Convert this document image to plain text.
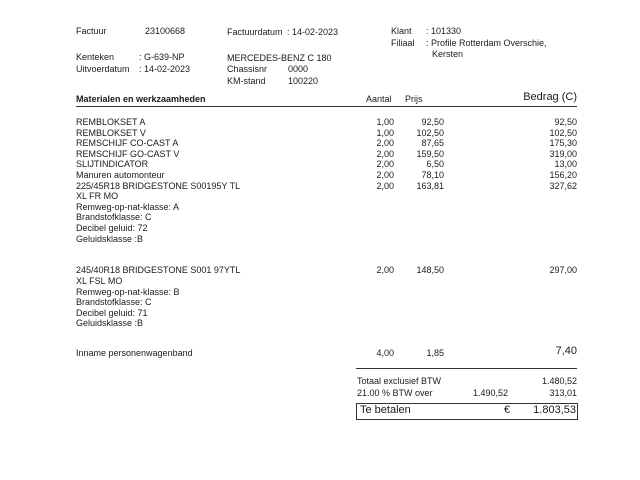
Factuur	23100668	Factuurdatum : 14-02-2023	Klant : 101330
Filiaal : Profile Rotterdam Overschie,
Kersten
Kenteken	: G-639-NP
Uitvoerdatum : 14-02-2023
MERCEDES-BENZ C 180
Chassisnr 0000
KM-stand 100220
Materialen en werkzaamheden	Aantal Prijs	Bedrag (C)
REMBLOKSET A	1,00	92,50	92,50
REMBLOKSET V	1,00	102,50	102,50
REMSCHIJF CO-CAST A	2,00	87,65	175,30
REMSCHIJF GO-CAST V	2,00	159,50	319,00
SLIJTINDICATOR	2,00	6,50	13,00
Manuren automonteur	2,00	78,10	156,20
225/45R18 BRIDGESTONE S00195Y TL	2,00	163,81	327,62
XL FR MO
Remweg-op-nat-klasse: A
Brandstofklasse: C
Decibel geluid: 72
Geluidsklasse :B
245/40R18 BRIDGESTONE S001 97YTL	2,00	148,50	297,00
XL FSL MO
Remweg-op-nat-klasse: B
Brandstofklasse: C
Decibel geluid: 71
Geluidsklasse :B
Inname personenwagenband	4,00	1,85	7,40
Totaal exclusief BTW	1.480,52
21.00 % BTW over	1.490,52	313,01
Te betalen	€	1.803,53
